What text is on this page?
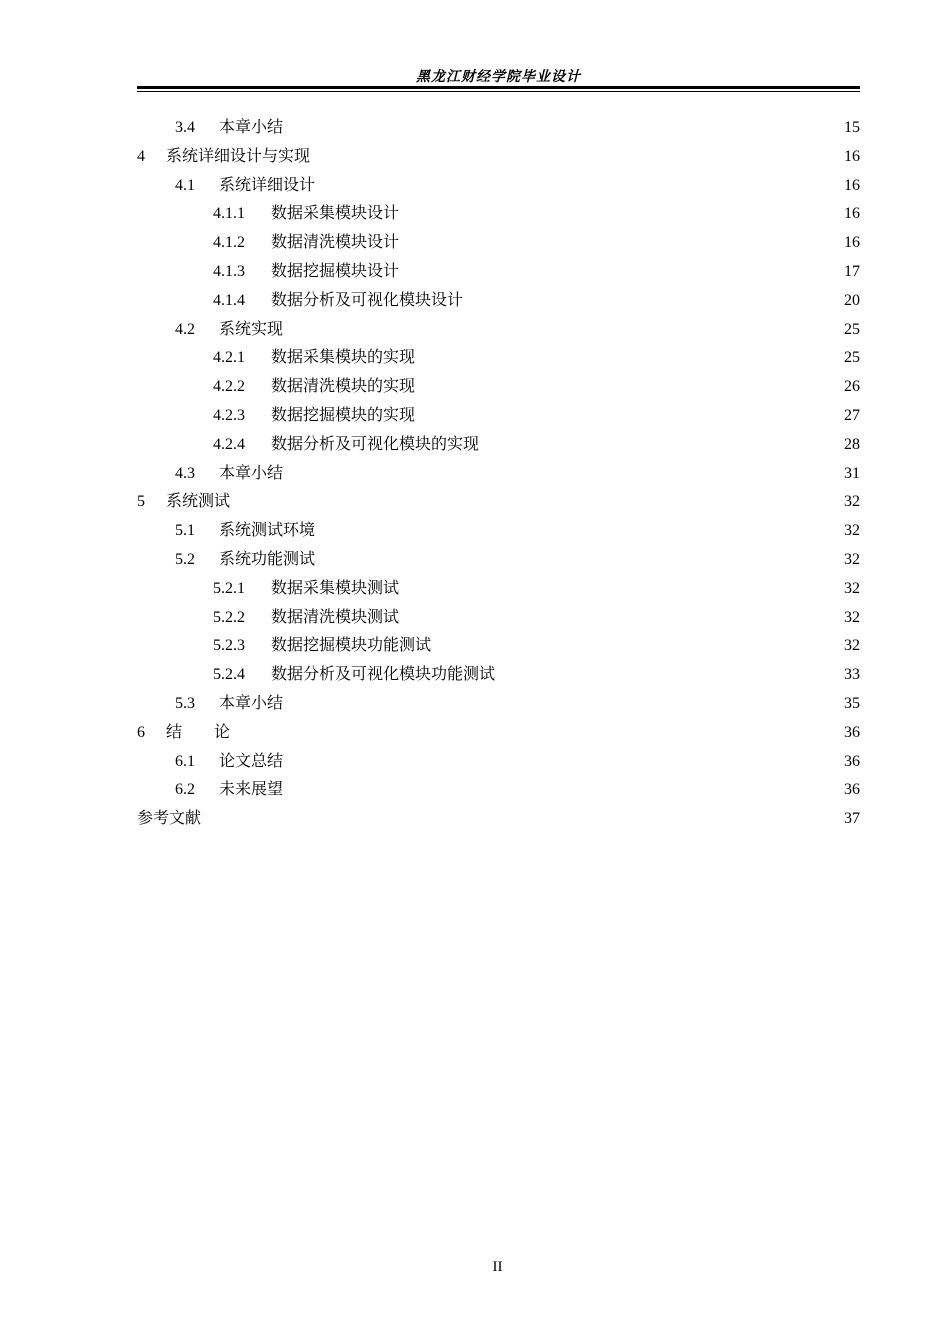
黑龙江财经学院毕业设计
3.4	本章小结	15
4	系统详细设计与实现	16
4.1	系统详细设计	16
4.1.1	数据采集模块设计	16
4.1.2	数据清洗模块设计	16
4.1.3	数据挖掘模块设计	17
4.1.4	数据分析及可视化模块设计	20
4.2	系统实现	25
4.2.1	数据采集模块的实现	25
4.2.2	数据清洗模块的实现	26
4.2.3	数据挖掘模块的实现	27
4.2.4	数据分析及可视化模块的实现	28
4.3	本章小结	31
5	系统测试	32
5.1	系统测试环境	32
5.2	系统功能测试	32
5.2.1	数据采集模块测试	32
5.2.2	数据清洗模块测试	32
5.2.3	数据挖掘模块功能测试	32
5.2.4	数据分析及可视化模块功能测试	33
5.3	本章小结	35
6	结　　论	36
6.1	论文总结	36
6.2	未来展望	36
参考文献	37
II
